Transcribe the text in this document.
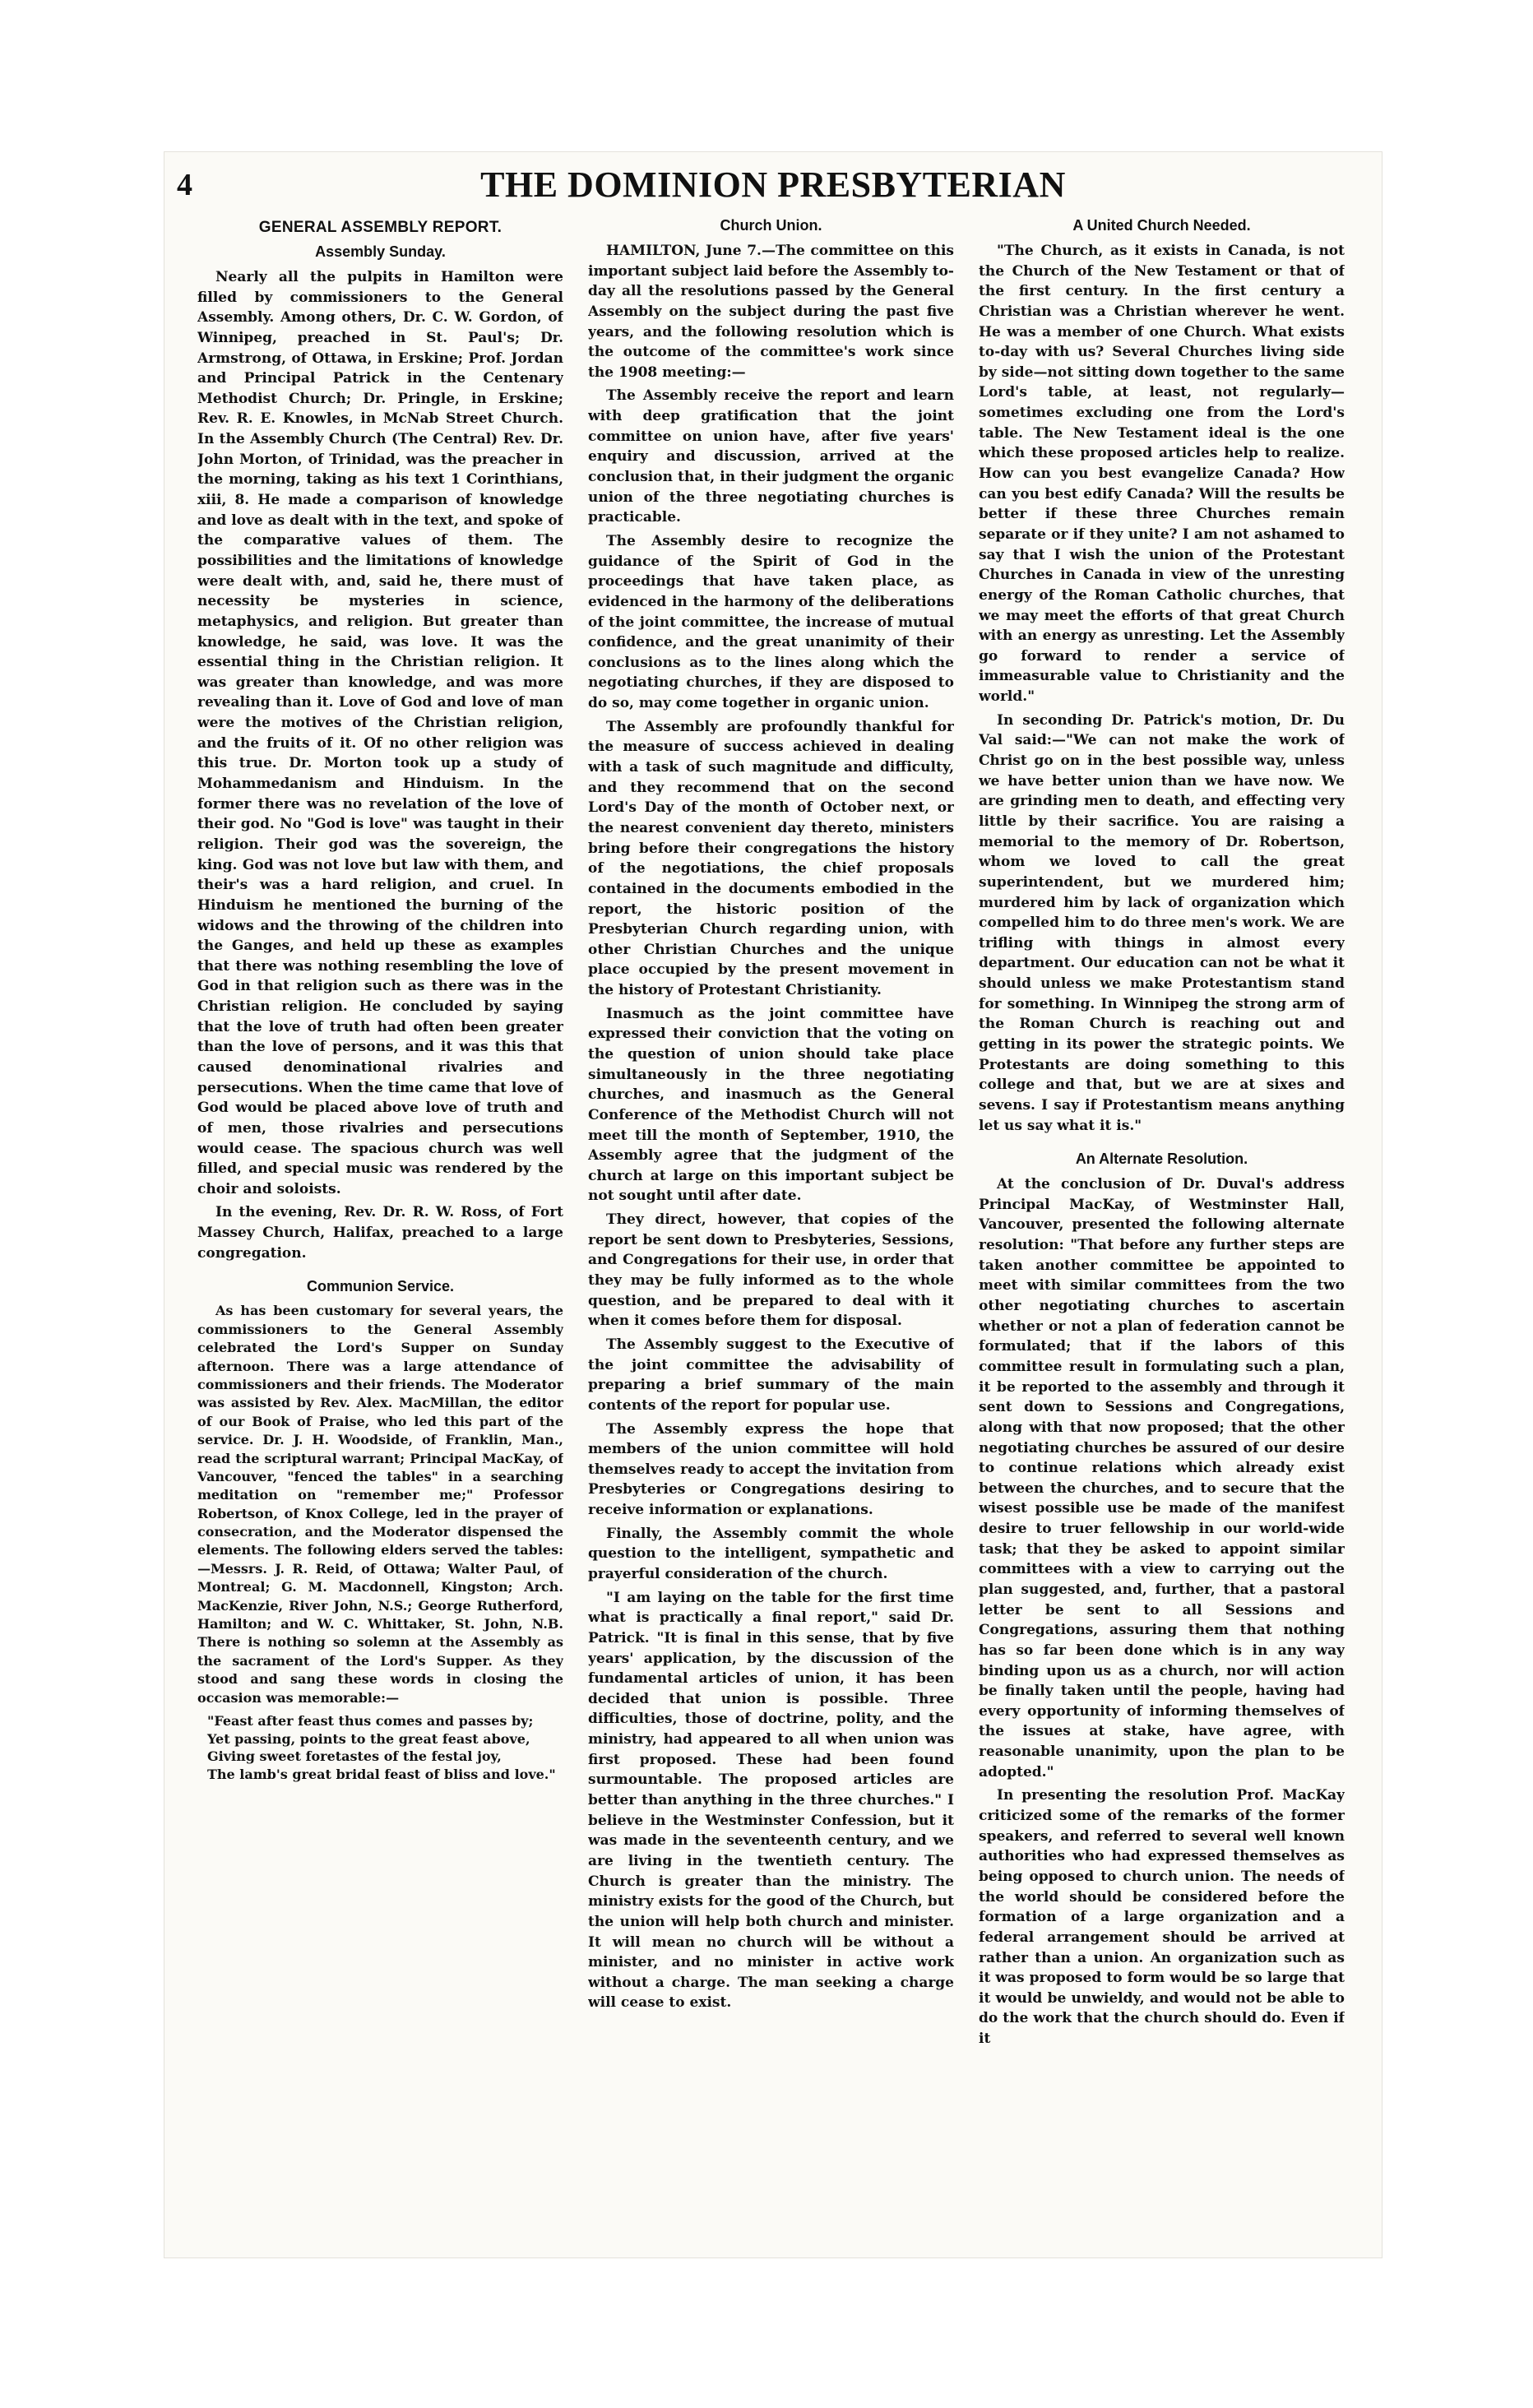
4	THE DOMINION PRESBYTERIAN
GENERAL ASSEMBLY REPORT.
Assembly Sunday.

Nearly all the pulpits in Hamilton were filled by commissioners to the General Assembly. Among others, Dr. C. W. Gordon, of Winnipeg, preached in St. Paul's; Dr. Armstrong, of Ottawa, in Erskine; Prof. Jordan and Principal Patrick in the Centenary Methodist Church; Dr. Pringle, in Erskine; Rev. R. E. Knowles, in McNab Street Church. In the Assembly Church (The Central) Rev. Dr. John Morton, of Trinidad, was the preacher in the morning, taking as his text 1 Corinthians, xiii, 8. He made a comparison of knowledge and love as dealt with in the text, and spoke of the comparative values of them. The possibilities and the limitations of knowledge were dealt with, and, said he, there must of necessity be mysteries in science, metaphysics, and religion. But greater than knowledge, he said, was love. It was the essential thing in the Christian religion. It was greater than knowledge, and was more revealing than it. Love of God and love of man were the motives of the Christian religion, and the fruits of it. Of no other religion was this true. Dr. Morton took up a study of Mohammedanism and Hinduism. In the former there was no revelation of the love of their god. No "God is love" was taught in their religion. Their god was the sovereign, the king. God was not love but law with them, and their's was a hard religion, and cruel. In Hinduism he mentioned the burning of the widows and the throwing of the children into the Ganges, and held up these as examples that there was nothing resembling the love of God in that religion such as there was in the Christian religion. He concluded by saying that the love of truth had often been greater than the love of persons, and it was this that caused denominational rivalries and persecutions. When the time came that love of God would be placed above love of truth and of men, those rivalries and persecutions would cease. The spacious church was well filled, and special music was rendered by the choir and soloists.

In the evening, Rev. Dr. R. W. Ross, of Fort Massey Church, Halifax, preached to a large congregation.

Communion Service.

As has been customary for several years, the commissioners to the General Assembly celebrated the Lord's Supper on Sunday afternoon. There was a large attendance of commissioners and their friends. The Moderator was assisted by Rev. Alex. MacMillan, the editor of our Book of Praise, who led this part of the service. Dr. J. H. Woodside, of Franklin, Man., read the scriptural warrant; Principal MacKay, of Vancouver, "fenced the tables" in a searching meditation on "remember me;" Professor Robertson, of Knox College, led in the prayer of consecration, and the Moderator dispensed the elements. The following elders served the tables:—Messrs. J. R. Reid, of Ottawa; Walter Paul, of Montreal; G. M. Macdonnell, Kingston; Arch. MacKenzie, River John, N.S.; George Rutherford, Hamilton; and W. C. Whittaker, St. John, N.B. There is nothing so solemn at the Assembly as the sacrament of the Lord's Supper. As they stood and sang these words in closing the occasion was memorable:—

"Feast after feast thus comes and passes by;
Yet passing, points to the great feast above,
Giving sweet foretastes of the festal joy,
The lamb's great bridal feast of bliss and love."
Church Union.

HAMILTON, June 7.—The committee on this important subject laid before the Assembly to-day all the resolutions passed by the General Assembly on the subject during the past five years, and the following resolution which is the outcome of the committee's work since the 1908 meeting:—

The Assembly receive the report and learn with deep gratification that the joint committee on union have, after five years' enquiry and discussion, arrived at the conclusion that, in their judgment the organic union of the three negotiating churches is practicable.

The Assembly desire to recognize the guidance of the Spirit of God in the proceedings that have taken place, as evidenced in the harmony of the deliberations of the joint committee, the increase of mutual confidence, and the great unanimity of their conclusions as to the lines along which the negotiating churches, if they are disposed to do so, may come together in organic union.

The Assembly are profoundly thankful for the measure of success achieved in dealing with a task of such magnitude and difficulty, and they recommend that on the second Lord's Day of the month of October next, or the nearest convenient day thereto, ministers bring before their congregations the history of the negotiations, the chief proposals contained in the documents embodied in the report, the historic position of the Presbyterian Church regarding union, with other Christian Churches and the unique place occupied by the present movement in the history of Protestant Christianity.

Inasmuch as the joint committee have expressed their conviction that the voting on the question of union should take place simultaneously in the three negotiating churches, and inasmuch as the General Conference of the Methodist Church will not meet till the month of September, 1910, the Assembly agree that the judgment of the church at large on this important subject be not sought until after date.

They direct, however, that copies of the report be sent down to Presbyteries, Sessions, and Congregations for their use, in order that they may be fully informed as to the whole question, and be prepared to deal with it when it comes before them for disposal.

The Assembly suggest to the Executive of the joint committee the advisability of preparing a brief summary of the main contents of the report for popular use.

The Assembly express the hope that members of the union committee will hold themselves ready to accept the invitation from Presbyteries or Congregations desiring to receive information or explanations.

Finally, the Assembly commit the whole question to the intelligent, sympathetic and prayerful consideration of the church.

"I am laying on the table for the first time what is practically a final report," said Dr. Patrick. "It is final in this sense, that by five years' application, by the discussion of the fundamental articles of union, it has been decided that union is possible. Three difficulties, those of doctrine, polity, and the ministry, had appeared to all when union was first proposed. These had been found surmountable. The proposed articles are better than anything in the three churches." I believe in the Westminster Confession, but it was made in the seventeenth century, and we are living in the twentieth century. The Church is greater than the ministry. The ministry exists for the good of the Church, but the union will help both church and minister. It will mean no church will be without a minister, and no minister in active work without a charge. The man seeking a charge will cease to exist.

A United Church Needed.

"The Church, as it exists in Canada, is not the Church of the New Testament or that of the first century. In the first century a Christian was a Christian wherever he went. He was a member of one Church. What exists to-day with us? Several Churches living side by side—not sitting down together to the same Lord's table, at least, not regularly—sometimes excluding one from the Lord's table. The New Testament ideal is the one which these proposed articles help to realize. How can you best evangelize Canada? How can you best edify Canada? Will the results be better if these three Churches remain separate or if they unite? I am not ashamed to say that I wish the union of the Protestant Churches in Canada in view of the unresting energy of the Roman Catholic churches, that we may meet the efforts of that great Church with an energy as unresting. Let the Assembly go forward to render a service of immeasurable value to Christianity and the world."

In seconding Dr. Patrick's motion, Dr. Du Val said:—"We can not make the work of Christ go on in the best possible way, unless we have better union than we have now. We are grinding men to death, and effecting very little by their sacrifice. You are raising a memorial to the memory of Dr. Robertson, whom we loved to call the great superintendent, but we murdered him; murdered him by lack of organization which compelled him to do three men's work. We are trifling with things in almost every department. Our education can not be what it should unless we make Protestantism stand for something. In Winnipeg the strong arm of the Roman Church is reaching out and getting in its power the strategic points. We Protestants are doing something to this college and that, but we are at sixes and sevens. I say if Protestantism means anything let us say what it is."

An Alternate Resolution.

At the conclusion of Dr. Duval's address Principal MacKay, of Westminster Hall, Vancouver, presented the following alternate resolution: "That before any further steps are taken another committee be appointed to meet with similar committees from the two other negotiating churches to ascertain whether or not a plan of federation cannot be formulated; that if the labors of this committee result in formulating such a plan, it be reported to the assembly and through it sent down to Sessions and Congregations, along with that now proposed; that the other negotiating churches be assured of our desire to continue relations which already exist between the churches, and to secure that the wisest possible use be made of the manifest desire to truer fellowship in our world-wide task; that they be asked to appoint similar committees with a view to carrying out the plan suggested, and, further, that a pastoral letter be sent to all Sessions and Congregations, assuring them that nothing has so far been done which is in any way binding upon us as a church, nor will action be finally taken until the people, having had every opportunity of informing themselves of the issues at stake, have agree, with reasonable unanimity, upon the plan to be adopted."

In presenting the resolution Prof. MacKay criticized some of the remarks of the former speakers, and referred to several well known authorities who had expressed themselves as being opposed to church union. The needs of the world should be considered before the formation of a large organization and a federal arrangement should be arrived at rather than a union. An organization such as it was proposed to form would be so large that it would be unwieldy, and would not be able to do the work that the church should do. Even if it
